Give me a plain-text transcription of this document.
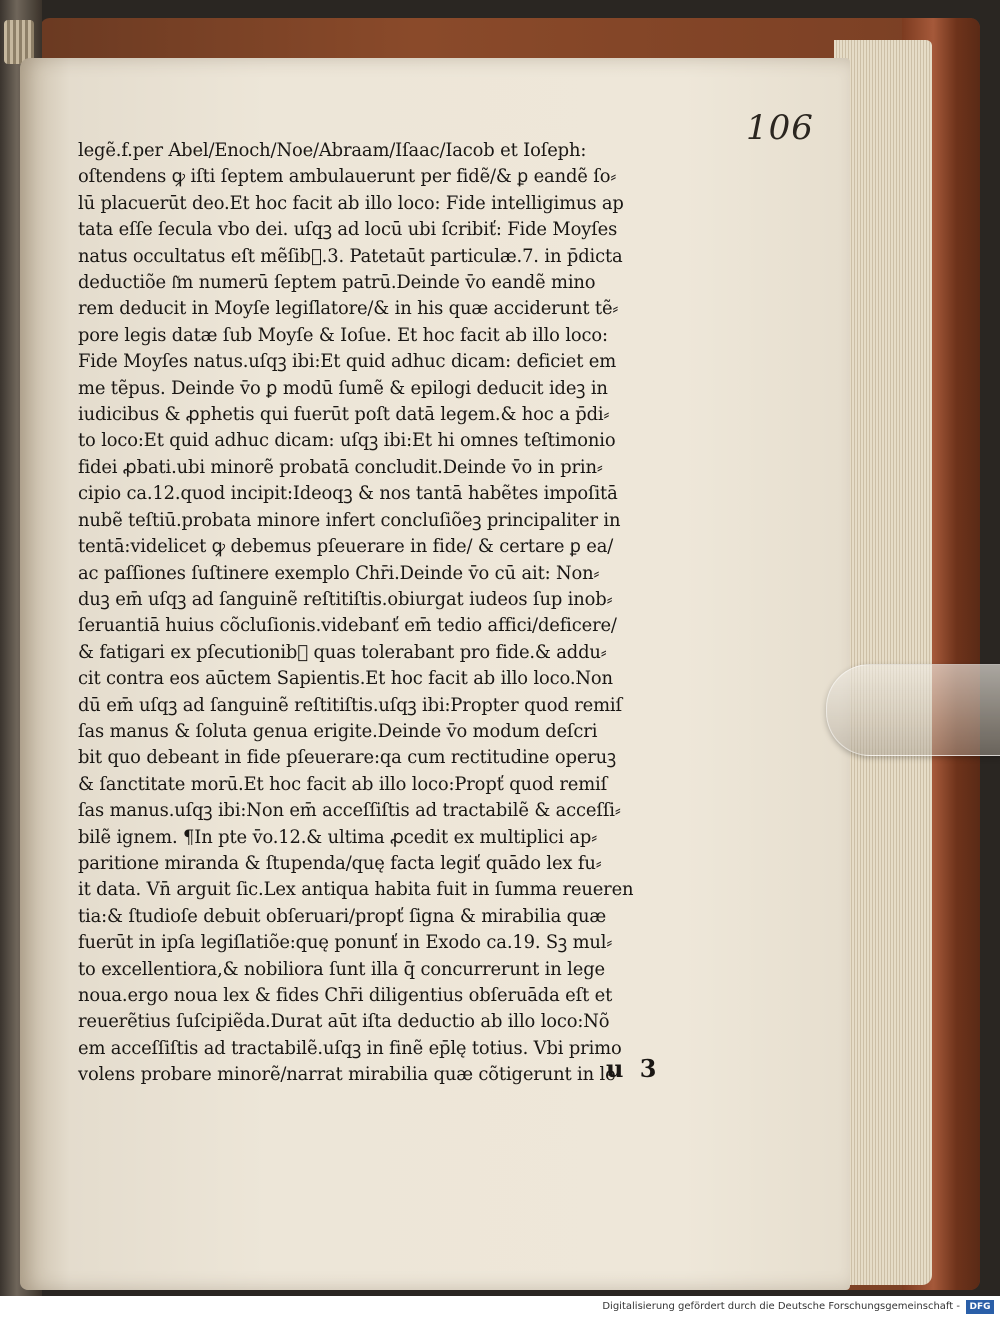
106
legẽ.f.per Abel/Enoch/Noe/Abraam/Iſaac/Iacob et Ioſeph:
oſtendens ꝙ iſti ſeptem ambulauerunt per fidẽ/& ꝑ eandẽ ſo⸗
lū placuerūt deo.Et hoc facit ab illo loco: Fide intelligimus ap
tata eſſe ſecula vbo dei. uſqꝫ ad locū ubi ſcribiť: Fide Moyſes
natus occultatus eſt mẽſib᷒.3. Patetaūt particulæ.7. in p̄dicta
deductiõe ſ͂m numerū ſeptem patrū.Deinde v̄o eandẽ mino
rem deducit in Moyſe legiſlatore/& in his quæ acciderunt tẽ⸗
pore legis datæ ſub Moyſe & Ioſue. Et hoc facit ab illo loco:
Fide Moyſes natus.uſqꝫ ibi:Et quid adhuc dicam: deficiet em
me tẽpus. Deinde v̄o ꝑ modū ſumẽ & epilogi deducit ideꝫ in
iudicibus & ꝓphetis qui fuerūt poſt datā legem.& hoc a p̄di⸗
to loco:Et quid adhuc dicam: uſqꝫ ibi:Et hi omnes teſtimonio
fidei ꝓbati.ubi minorẽ probatā concludit.Deinde v̄o in prin⸗
cipio ca.12.quod incipit:Ideoqꝫ & nos tantā habẽtes impoſitā
nubẽ teſtiū.probata minore infert concluſiõeꝫ principaliter in
tentā:videlicet ꝙ debemus pſeuerare in fide/ & certare ꝑ ea/
ac paſſiones ſuſtinere exemplo Chr̄i.Deinde v̄o cū ait: Non⸗
duꝫ em̄ uſqꝫ ad ſanguinẽ reſtitiſtis.obiurgat iudeos ſup inob⸗
ſeruantiā huius cõcluſionis.videbanť em̄ tedio affici/deficere/
& fatigari ex pſecutionib᷒ quas tolerabant pro fide.& addu⸗
cit contra eos aūctem Sapientis.Et hoc facit ab illo loco.Non
dū em̄ uſqꝫ ad ſanguinẽ reſtitiſtis.uſqꝫ ibi:Propter quod remiſ
ſas manus & ſoluta genua erigite.Deinde v̄o modum deſcri
bit quo debeant in fide pſeuerare:qa cum rectitudine operuꝫ
& ſanctitate morū.Et hoc facit ab illo loco:Propť quod remiſ
ſas manus.uſqꝫ ibi:Non em̄ acceſſiſtis ad tractabilẽ & acceſſi⸗
bilẽ ignem. ¶In pte v̄o.12.& ultima ꝓcedit ex multiplici ap⸗
paritione miranda & ſtupenda/quę facta legiť quādo lex fu⸗
it data. Vn̄ arguit ſic.Lex antiqua habita fuit in ſumma reueren
tia:& ſtudioſe debuit obſeruari/propť ſigna & mirabilia quæ
fuerūt in ipſa legiſlatiõe:quę ponunť in Exodo ca.19. Sꝫ mul⸗
to excellentiora,& nobiliora ſunt illa q̄ concurrerunt in lege
noua.ergo noua lex & fides Chr̄i diligentius obſeruāda eſt et
reuerẽtius ſuſcipiẽda.Durat aūt iſta deductio ab illo loco:Nõ
em acceſſiſtis ad tractabilẽ.uſqꝫ in finẽ ep̄lę totius. Vbi primo
volens probare minorẽ/narrat mirabilia quæ cõtigerunt in le
u 3
Digitalisierung gefördert durch die Deutsche Forschungsgemeinschaft -	DFG
